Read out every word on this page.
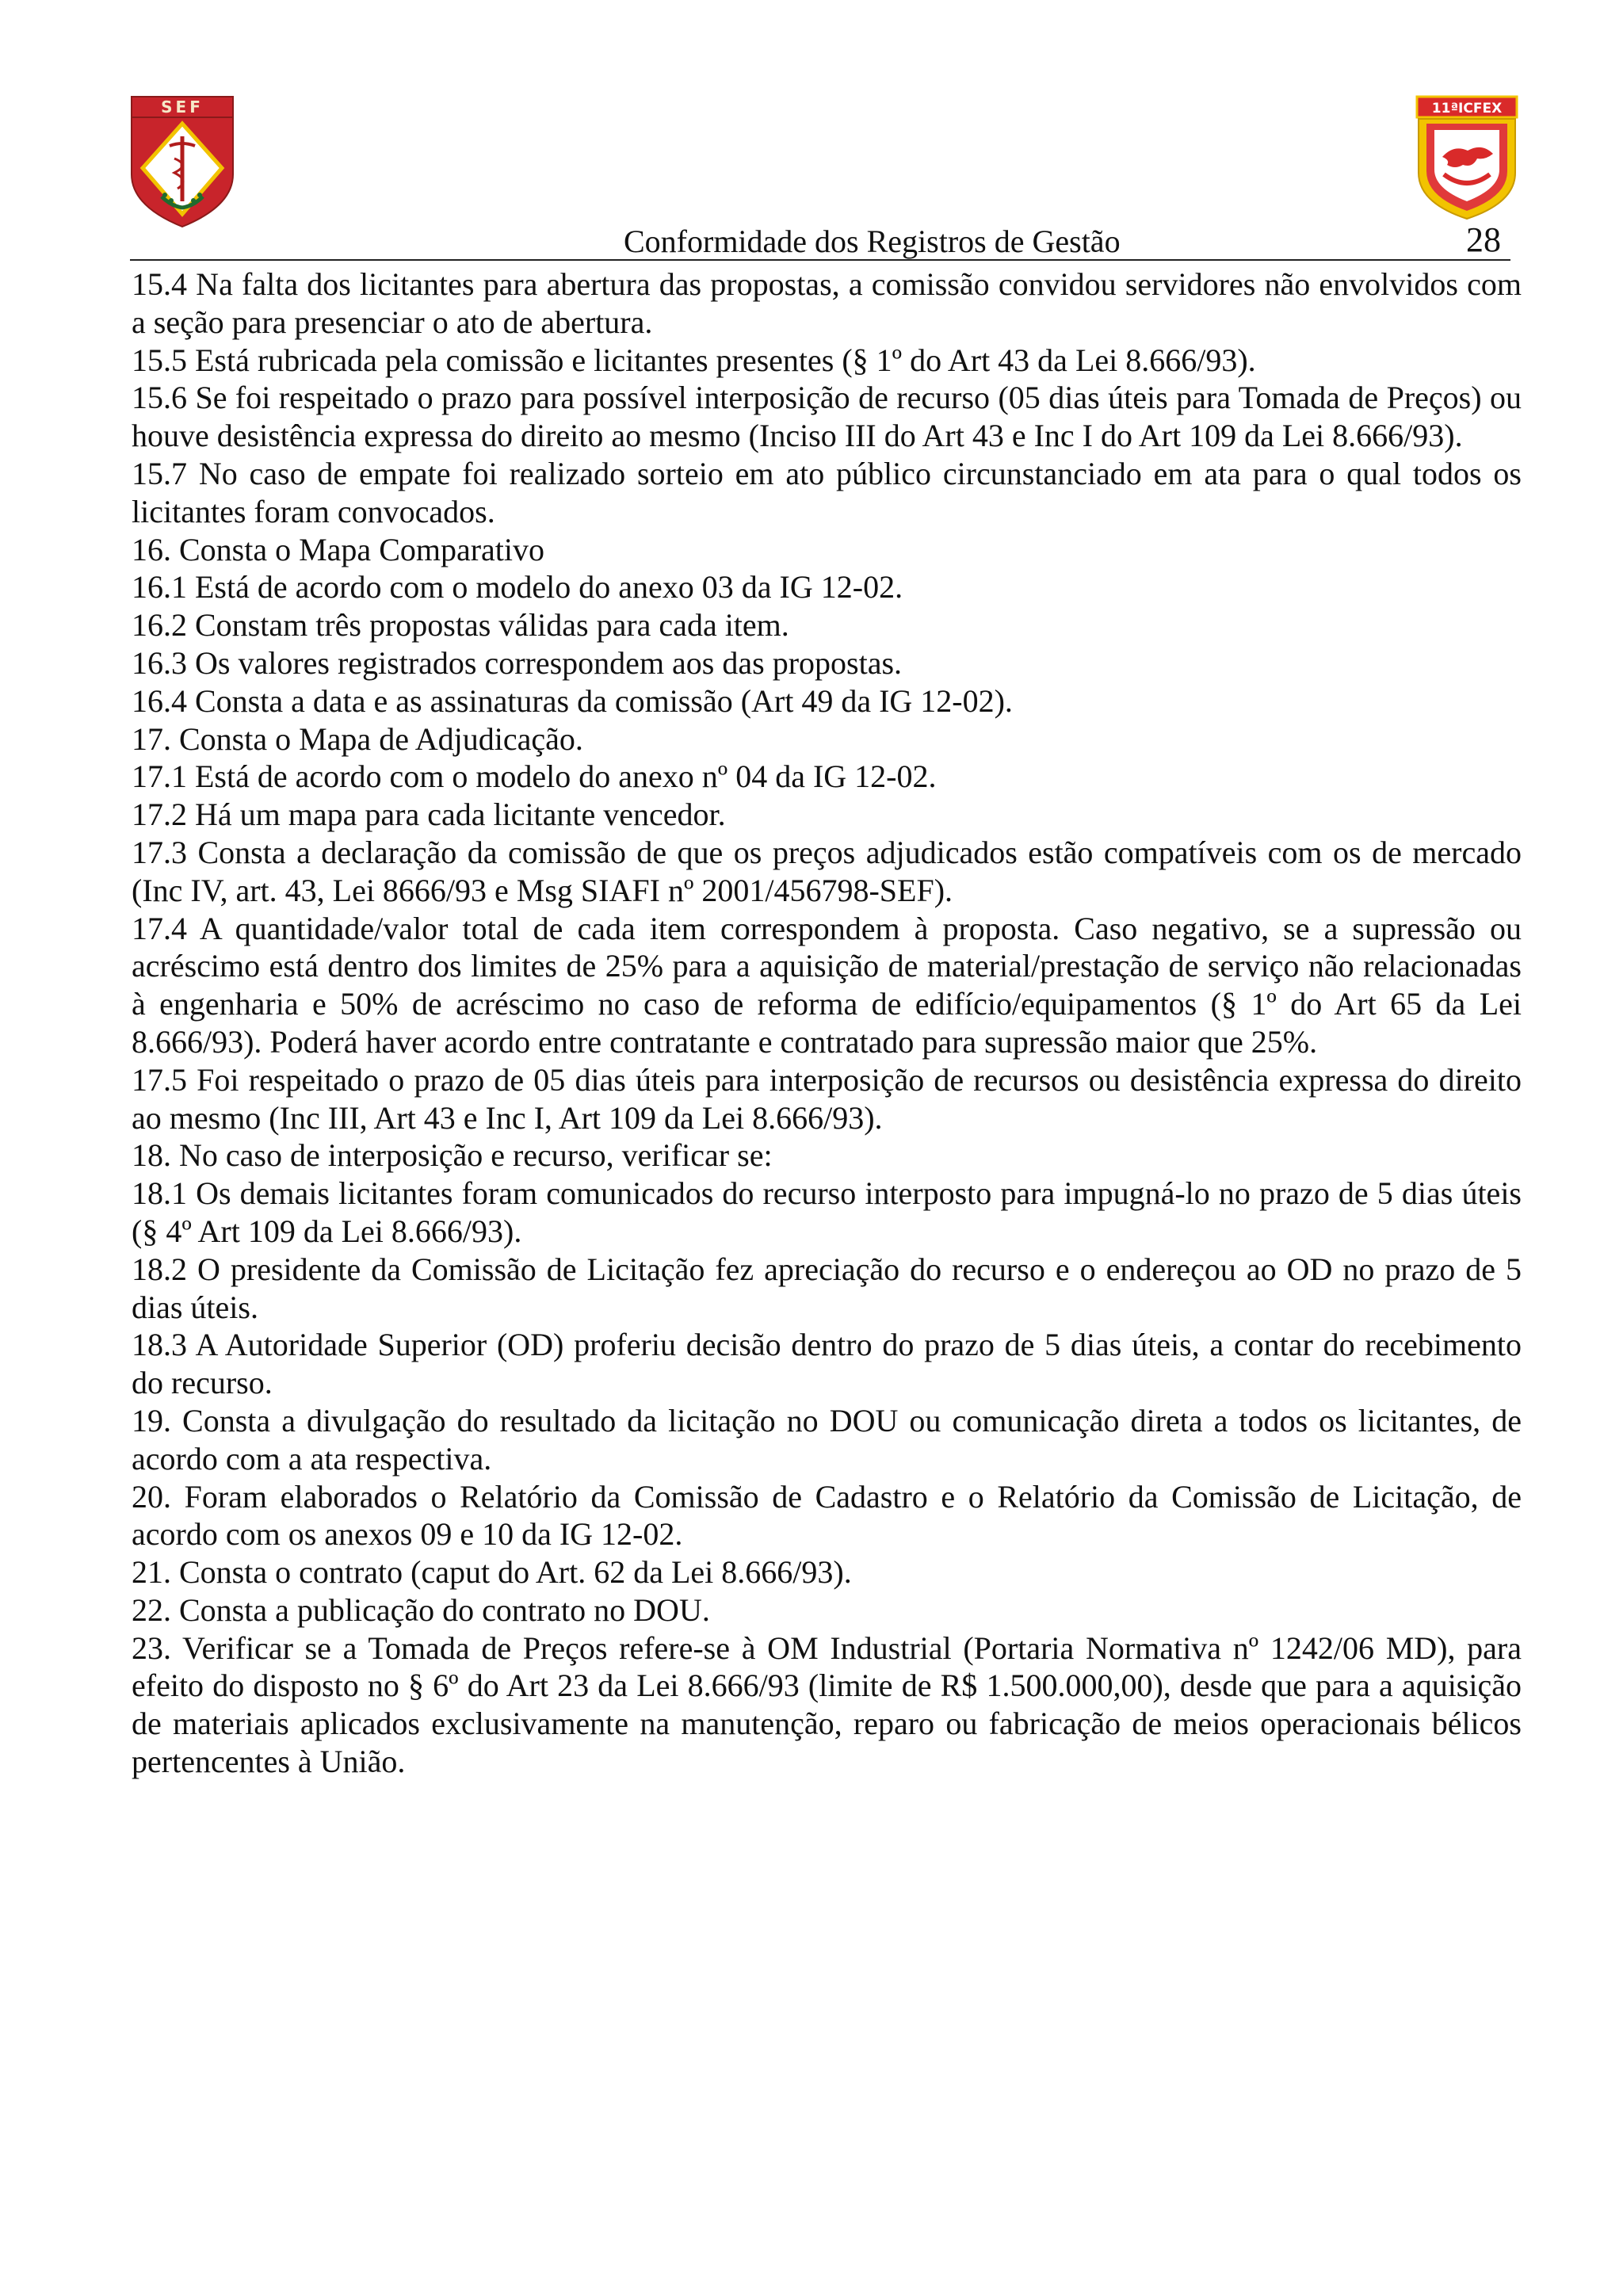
SEF	11ªICFEX
Conformidade dos Registros de Gestão	28

15.4 Na falta dos licitantes para abertura das propostas, a comissão convidou servidores não envolvidos com a seção para presenciar o ato de abertura.

15.5 Está rubricada pela comissão e licitantes presentes (§ 1º do Art 43 da Lei 8.666/93).

15.6 Se foi respeitado o prazo para possível interposição de recurso (05 dias úteis para Tomada de Preços) ou houve desistência expressa do direito ao mesmo (Inciso III do Art 43 e Inc I do Art 109 da Lei 8.666/93).

15.7 No caso de empate foi realizado sorteio em ato público circunstanciado em ata para o qual todos os licitantes foram convocados.

16. Consta o Mapa Comparativo

16.1 Está de acordo com o modelo do anexo 03 da IG 12-02.

16.2 Constam três propostas válidas para cada item.

16.3 Os valores registrados correspondem aos das propostas.

16.4 Consta a data e as assinaturas da comissão (Art 49 da IG 12-02).

17. Consta o Mapa de Adjudicação.

17.1 Está de acordo com o modelo do anexo nº 04 da IG 12-02.

17.2 Há um mapa para cada licitante vencedor.

17.3 Consta a declaração da comissão de que os preços adjudicados estão compatíveis com os de mercado (Inc IV, art. 43, Lei 8666/93 e Msg SIAFI nº 2001/456798-SEF).

17.4 A quantidade/valor total de cada item correspondem à proposta. Caso negativo, se a supressão ou acréscimo está dentro dos limites de 25% para a aquisição de material/prestação de serviço não relacionadas à engenharia e 50% de acréscimo no caso de reforma de edifício/equipamentos (§ 1º do Art 65 da Lei 8.666/93). Poderá haver acordo entre contratante e contratado para supressão maior que 25%.

17.5 Foi respeitado o prazo de 05 dias úteis para interposição de recursos ou desistência expressa do direito ao mesmo (Inc III, Art 43 e Inc I, Art 109 da Lei 8.666/93).

18. No caso de interposição e recurso, verificar se:

18.1 Os demais licitantes foram comunicados do recurso interposto para impugná-lo no prazo de 5 dias úteis (§ 4º Art 109 da Lei 8.666/93).

18.2 O presidente da Comissão de Licitação fez apreciação do recurso e o endereçou ao OD no prazo de 5 dias úteis.

18.3 A Autoridade Superior (OD) proferiu decisão dentro do prazo de 5 dias úteis, a contar do recebimento do recurso.

19. Consta a divulgação do resultado da licitação no DOU ou comunicação direta a todos os licitantes, de acordo com a ata respectiva.

20. Foram elaborados o Relatório da Comissão de Cadastro e o Relatório da Comissão de Licitação, de acordo com os anexos 09 e 10 da IG 12-02.

21. Consta o contrato (caput do Art. 62 da Lei 8.666/93).

22. Consta a publicação do contrato no DOU.

23. Verificar se a Tomada de Preços refere-se à OM Industrial (Portaria Normativa nº 1242/06 MD), para efeito do disposto no § 6º do Art 23 da Lei 8.666/93 (limite de R$ 1.500.000,00), desde que para a aquisição de materiais aplicados exclusivamente na manutenção, reparo ou fabricação de meios operacionais bélicos pertencentes à União.
